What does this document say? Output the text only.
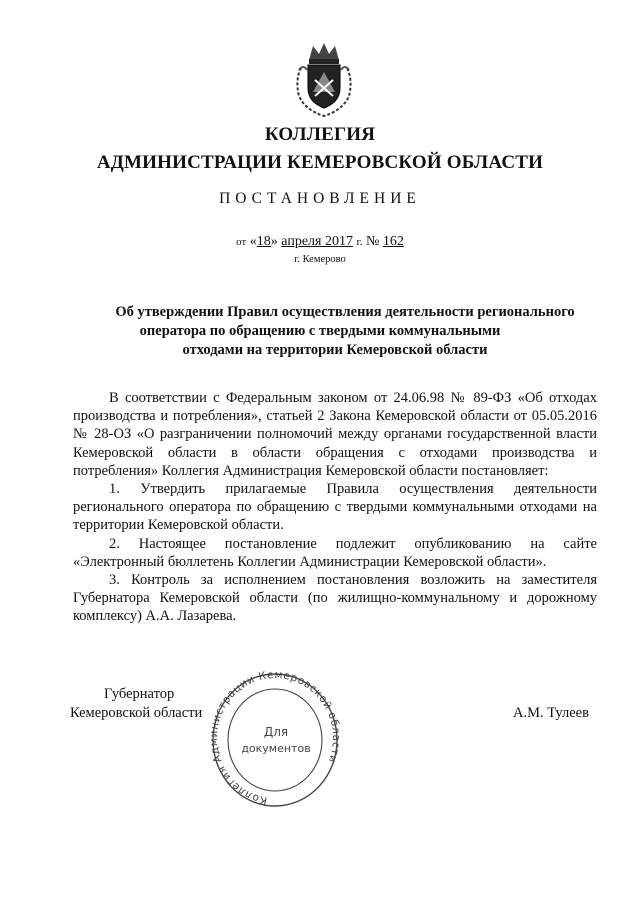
КОЛЛЕГИЯ
АДМИНИСТРАЦИИ КЕМЕРОВСКОЙ ОБЛАСТИ
ПОСТАНОВЛЕНИЕ
от «18» апреля 2017 г. № 162
г. Кемерово
Об утверждении Правил осуществления деятельности регионального
оператора по обращению с твердыми коммунальными
отходами на территории Кемеровской области

В соответствии с Федеральным законом от 24.06.98 № 89-ФЗ «Об отходах производства и потребления», статьей 2 Закона Кемеровской области от 05.05.2016 № 28-ОЗ «О разграничении полномочий между органами государственной власти Кемеровской области в области обращения с отходами производства и потребления» Коллегия Администрация Кемеровской области постановляет:

1. Утвердить прилагаемые Правила осуществления деятельности регионального оператора по обращению с твердыми коммунальными отходами на территории Кемеровской области.

2. Настоящее постановление подлежит опубликованию на сайте «Электронный бюллетень Коллегии Администрации Кемеровской области».

3. Контроль за исполнением постановления возложить на заместителя Губернатора Кемеровской области (по жилищно-коммунальному и дорожному комплексу) А.А. Лазарева.

Губернатор
Кемеровской области	А.М. Тулеев
Коллегия А истрации Кемеровской об ти
Для
документов
